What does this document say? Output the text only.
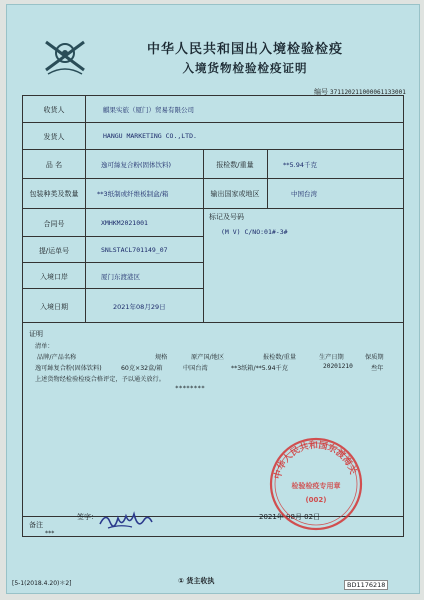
中华人民共和国出入境检验检疫
入境货物检验检疫证明
编号 371120211000061133001
收货人	麒果实旅（厦门）贸易有限公司
发货人	HANGU MARKETING CO.,LTD.
品 名	逸可絲复合粉(固体饮料)	报检数/重量	**5.94千克
包装种类及数量	**3纸制或纤维板制盒/箱	输出国家或地区	中国台湾
合同号	XMHKM2021001
标记及号码
(M V) C/NO:01#-3#
提/运单号	SNLSTACL701149_07
入境口岸	厦门东渡港区
入境日期	2021年08月29日
证明
清单：
品牌/产品名称	规格	原产国/地区	报检数/重量	生产日期	保质期
逸可絲复合粉(固体饮料)	60克×32盒/箱	中国台湾	**3纸箱/**5.94千克	20201210	叁年
上述货物经检验检疫合格评定，予以通关放行。
********
签字：	2021年 08月 02日
备注
***
中华人民共和国东渡海关
检验检疫专用章
(002)
[5-1(2018.4.20)＊2]	① 货主收执	BD1176218
